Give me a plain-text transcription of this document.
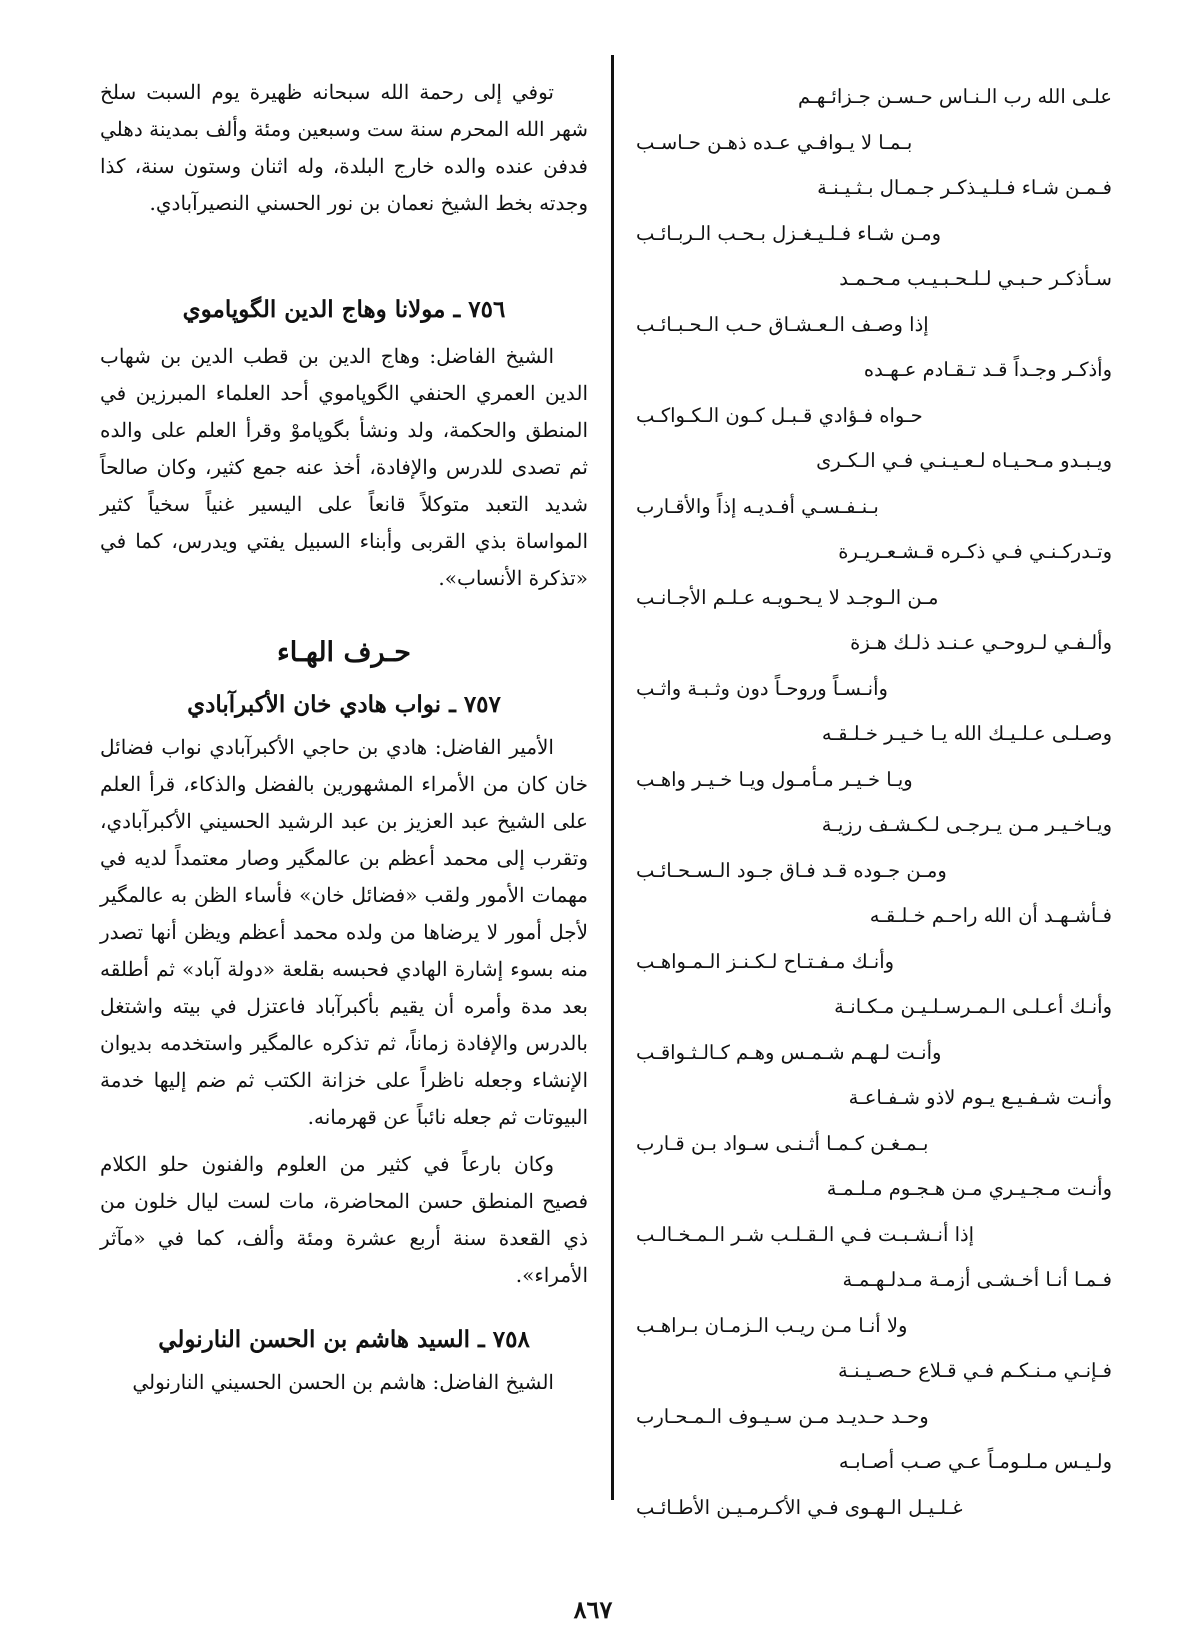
علـى الله رب الـنـاس حـسـن جـزائـهـم
بـمـا لا يـوافـي عـده ذهـن حـاسـب
فـمـن شـاء فـلـيـذكـر جـمـال بـثـيـنـة
ومـن شـاء فـلـيـغـزل بـحـب الـربـائـب
سـأذكـر حـبـي لـلـحـبـيـب مـحـمـد
إذا وصـف الـعـشـاق حـب الـحـبـائـب
وأذكـر وجـداً قـد تـقـادم عـهـده
حـواه فـؤادي قـبـل كـون الـكـواكـب
ويـبـدو مـحـيـاه لـعـيـنـي فـي الـكـرى
بـنـفـسـي أفـديـه إذاً والأقـارب
وتـدركـنـي فـي ذكـره قـشـعـريـرة
مـن الـوجـد لا يـحـويـه عـلـم الأجـانـب
وألـفـي لـروحـي عـنـد ذلـك هـزة
وأنـسـاً وروحـاً دون وثـبـة واثـب
وصـلـى عـلـيـك الله يـا خـيـر خـلـقـه
ويـا خـيـر مـأمـول ويـا خـيـر واهـب
ويـاخـيـر مـن يـرجـى لـكـشـف رزيـة
ومـن جـوده قـد فـاق جـود الـسـحـائـب
فـأشـهـد أن الله راحـم خـلـقـه
وأنـك مـفـتـاح لـكـنـز الـمـواهـب
وأنـك أعـلـى الـمـرسـلـيـن مـكـانـة
وأنـت لـهـم شـمـس وهـم كـالـثـواقـب
وأنـت شـفـيـع يـوم لاذو شـفـاعـة
بـمـغـن كـمـا أثـنـى سـواد بـن قـارب
وأنـت مـجـيـري مـن هـجـوم مـلـمـة
إذا أنـشـبـت فـي الـقـلـب شـر الـمـخـالـب
فـمـا أنـا أخـشـى أزمـة مـدلـهـمـة
ولا أنـا مـن ريـب الـزمـان بـراهـب
فـإنـي مـنـكـم فـي قـلاع حـصـيـنـة
وحـد حـديـد مـن سـيـوف الـمـحـارب
ولـيـس مـلـومـاً عـي صـب أصـابـه
غـلـيـل الـهـوى فـي الأكـرمـيـن الأطـائـب

توفي إلى رحمة الله سبحانه ظهيرة يوم السبت سلخ شهر الله المحرم سنة ست وسبعين ومئة وألف بمدينة دهلي فدفن عنده والده خارج البلدة، وله اثنان وستون سنة، كذا وجدته بخط الشيخ نعمان بن نور الحسني النصيرآبادي.

٧٥٦ ـ مولانا وهاج الدين الگوپاموي

الشيخ الفاضل: وهاج الدين بن قطب الدين بن شهاب الدين العمري الحنفي الگوپاموي أحد العلماء المبرزين في المنطق والحكمة، ولد ونشأ بگوپاموْ وقرأ العلم على والده ثم تصدى للدرس والإفادة، أخذ عنه جمع كثير، وكان صالحاً شديد التعبد متوكلاً قانعاً على اليسير غنياً سخياً كثير المواساة بذي القربى وأبناء السبيل يفتي ويدرس، كما في «تذكرة الأنساب».

حـرف الهـاء

٧٥٧ ـ نواب هادي خان الأكبرآبادي

الأمير الفاضل: هادي بن حاجي الأكبرآبادي نواب فضائل خان كان من الأمراء المشهورين بالفضل والذكاء، قرأ العلم على الشيخ عبد العزيز بن عبد الرشيد الحسيني الأكبرآبادي، وتقرب إلى محمد أعظم بن عالمگير وصار معتمداً لديه في مهمات الأمور ولقب «فضائل خان» فأساء الظن به عالمگير لأجل أمور لا يرضاها من ولده محمد أعظم ويظن أنها تصدر منه بسوء إشارة الهادي فحبسه بقلعة «دولة آباد» ثم أطلقه بعد مدة وأمره أن يقيم بأكبرآباد فاعتزل في بيته واشتغل بالدرس والإفادة زماناً، ثم تذكره عالمگير واستخدمه بديوان الإنشاء وجعله ناظراً على خزانة الكتب ثم ضم إليها خدمة البيوتات ثم جعله نائباً عن قهرمانه.

وكان بارعاً في كثير من العلوم والفنون حلو الكلام فصيح المنطق حسن المحاضرة، مات لست ليال خلون من ذي القعدة سنة أربع عشرة ومئة وألف، كما في «مآثر الأمراء».

٧٥٨ ـ السيد هاشم بن الحسن النارنولي

الشيخ الفاضل: هاشم بن الحسن الحسيني النارنولي

٨٦٧
